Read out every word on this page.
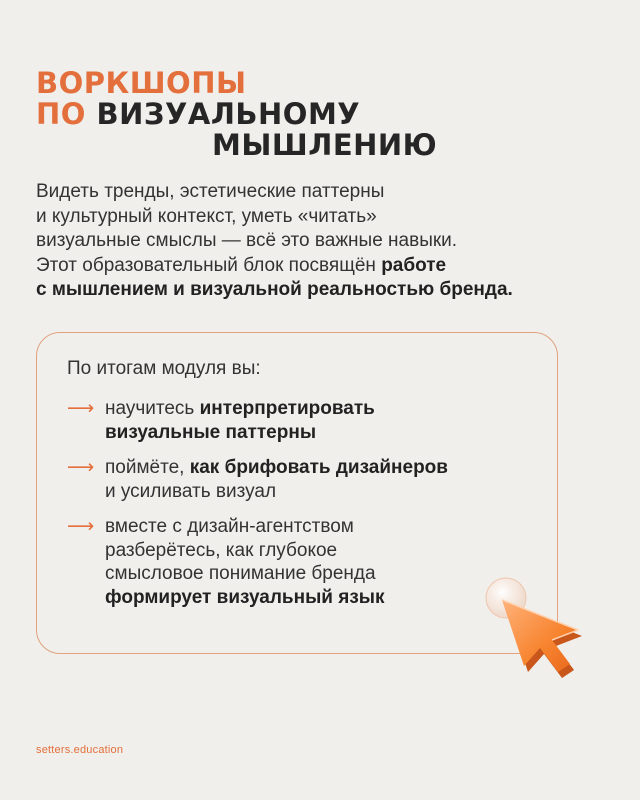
ВОРКШОПЫ
ПО ВИЗУАЛЬНОМУ
МЫШЛЕНИЮ
Видеть тренды, эстетические паттерны
и культурный контекст, уметь «читать»
визуальные смыслы — всё это важные навыки.
Этот образовательный блок посвящён работе
с мышлением и визуальной реальностью бренда.
По итогам модуля вы:
⟶ научитесь интерпретировать
визуальные паттерны
⟶ поймёте, как брифовать дизайнеров
и усиливать визуал
⟶ вместе с дизайн-агентством
разберётесь, как глубокое
смысловое понимание бренда
формирует визуальный язык
setters.education
